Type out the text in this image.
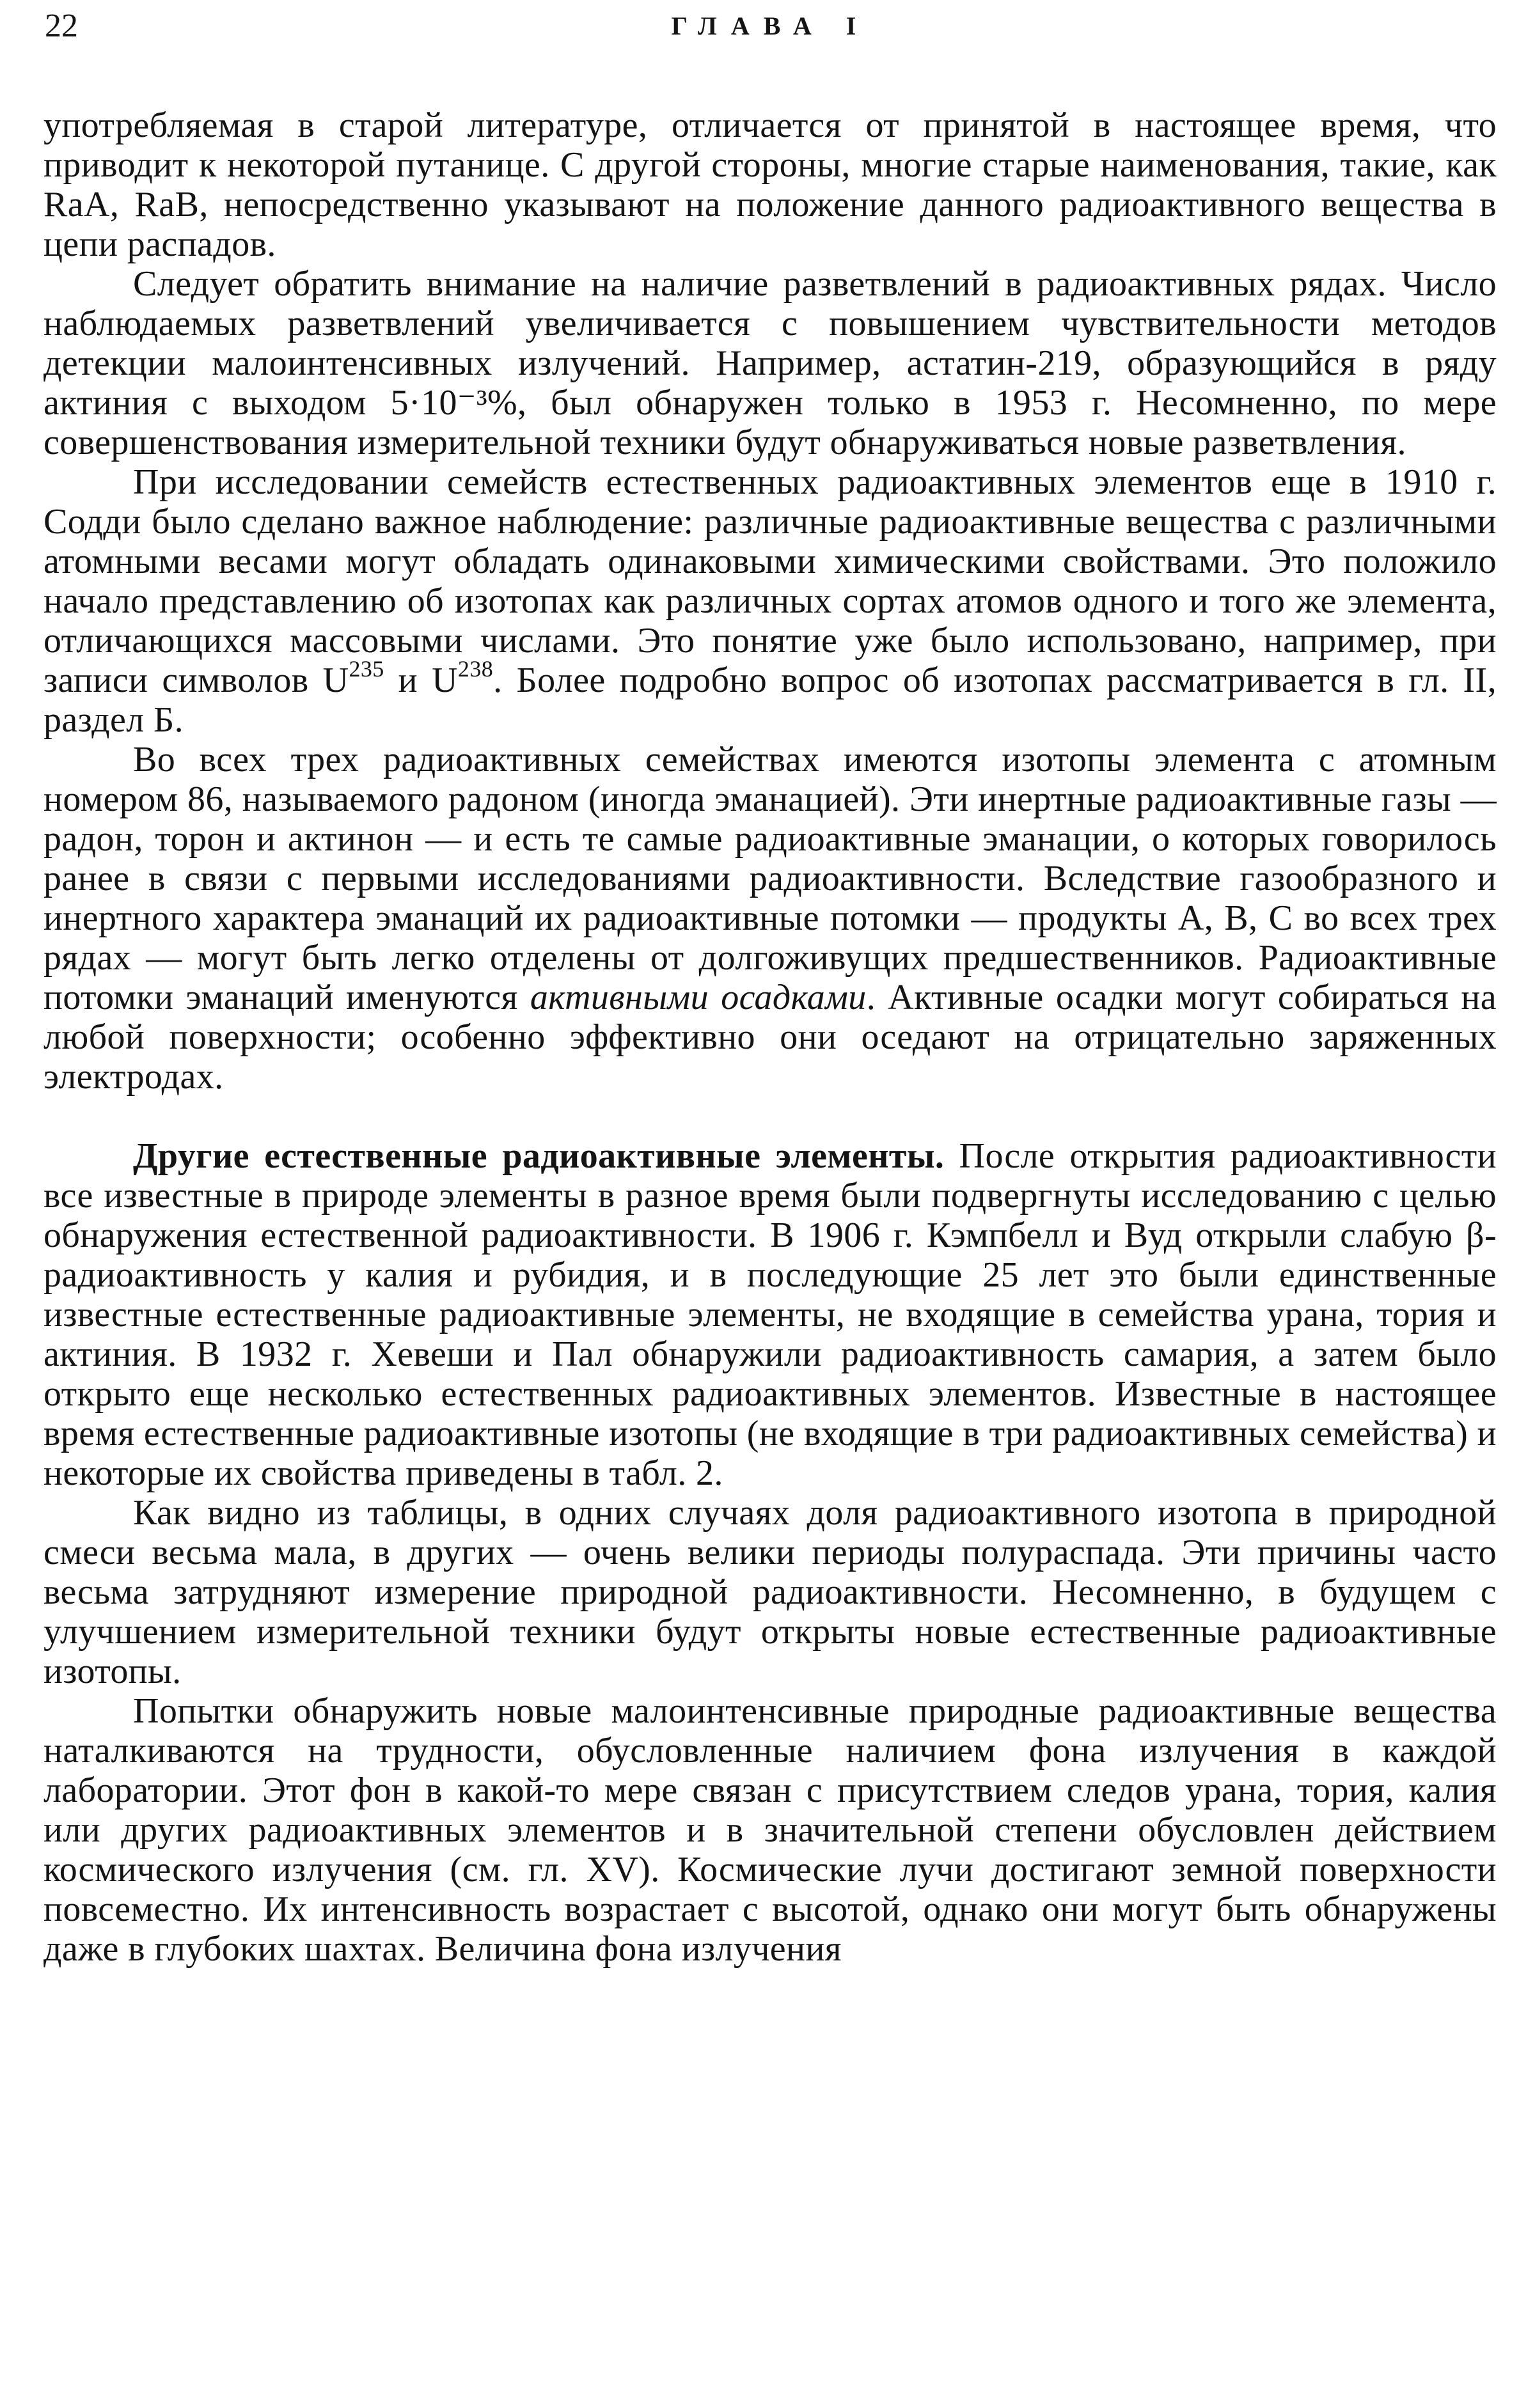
22	ГЛАВА I

употребляемая в старой литературе, отличается от принятой в настоящее время, что приводит к некоторой путанице. С другой стороны, многие старые наименования, такие, как RaA, RaB, непосредственно указывают на положение данного радиоактивного вещества в цепи распадов.

Следует обратить внимание на наличие разветвлений в радиоактивных рядах. Число наблюдаемых разветвлений увеличивается с повышением чувствительности методов детекции малоинтенсивных излучений. Например, астатин-219, образующийся в ряду актиния с выходом 5·10⁻³%, был обнаружен только в 1953 г. Несомненно, по мере совершенствования измерительной техники будут обнаруживаться новые разветвления.

При исследовании семейств естественных радиоактивных элементов еще в 1910 г. Содди было сделано важное наблюдение: различные радиоактивные вещества с различными атомными весами могут обладать одинаковыми химическими свойствами. Это положило начало представлению об изотопах как различных сортах атомов одного и того же элемента, отличающихся массовыми числами. Это понятие уже было использовано, например, при записи символов $U^{235}$ и $U^{238}$. Более подробно вопрос об изотопах рассматривается в гл. II, раздел Б.

Во всех трех радиоактивных семействах имеются изотопы элемента с атомным номером 86, называемого радоном (иногда эманацией). Эти инертные радиоактивные газы — радон, торон и актинон — и есть те самые радиоактивные эманации, о которых говорилось ранее в связи с первыми исследованиями радиоактивности. Вследствие газообразного и инертного характера эманаций их радиоактивные потомки — продукты A, B, C во всех трех рядах — могут быть легко отделены от долгоживущих предшественников. Радиоактивные потомки эманаций именуются активными осадками. Активные осадки могут собираться на любой поверхности; особенно эффективно они оседают на отрицательно заряженных электродах.

Другие естественные радиоактивные элементы. После открытия радиоактивности все известные в природе элементы в разное время были подвергнуты исследованию с целью обнаружения естественной радиоактивности. В 1906 г. Кэмпбелл и Вуд открыли слабую β-радиоактивность у калия и рубидия, и в последующие 25 лет это были единственные известные естественные радиоактивные элементы, не входящие в семейства урана, тория и актиния. В 1932 г. Хевеши и Пал обнаружили радиоактивность самария, а затем было открыто еще несколько естественных радиоактивных элементов. Известные в настоящее время естественные радиоактивные изотопы (не входящие в три радиоактивных семейства) и некоторые их свойства приведены в табл. 2.

Как видно из таблицы, в одних случаях доля радиоактивного изотопа в природной смеси весьма мала, в других — очень велики периоды полураспада. Эти причины часто весьма затрудняют измерение природной радиоактивности. Несомненно, в будущем с улучшением измерительной техники будут открыты новые естественные радиоактивные изотопы.

Попытки обнаружить новые малоинтенсивные природные радиоактивные вещества наталкиваются на трудности, обусловленные наличием фона излучения в каждой лаборатории. Этот фон в какой-то мере связан с присутствием следов урана, тория, калия или других радиоактивных элементов и в значительной степени обусловлен действием космического излучения (см. гл. XV). Космические лучи достигают земной поверхности повсеместно. Их интенсивность возрастает с высотой, однако они могут быть обнаружены даже в глубоких шахтах. Величина фона излучения
